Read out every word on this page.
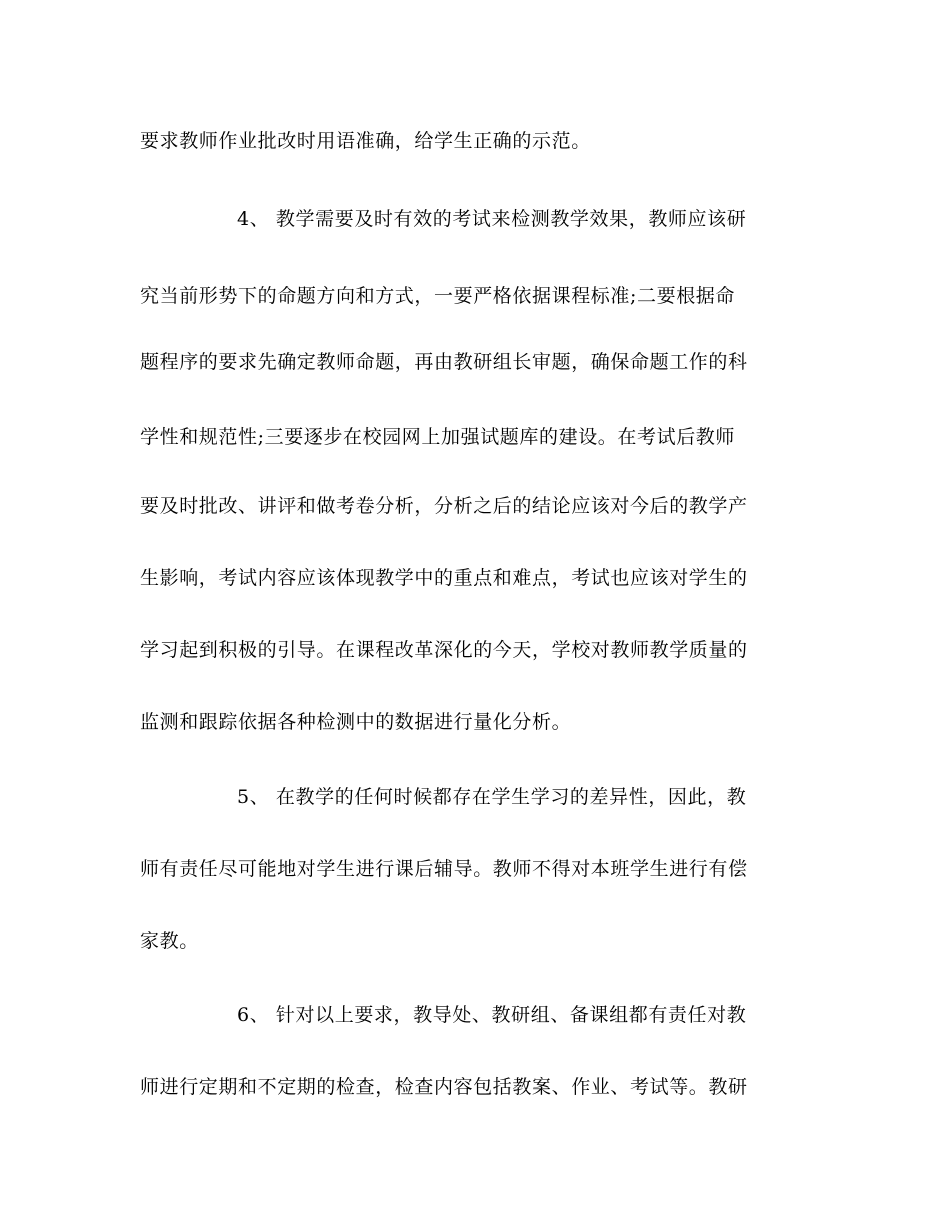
要求教师作业批改时用语准确，给学生正确的示范。

4、 教学需要及时有效的考试来检测教学效果，教师应该研

究当前形势下的命题方向和方式，一要严格依据课程标准;二要根据命

题程序的要求先确定教师命题，再由教研组长审题，确保命题工作的科

学性和规范性;三要逐步在校园网上加强试题库的建设。在考试后教师

要及时批改、讲评和做考卷分析，分析之后的结论应该对今后的教学产

生影响，考试内容应该体现教学中的重点和难点，考试也应该对学生的

学习起到积极的引导。在课程改革深化的今天，学校对教师教学质量的

监测和跟踪依据各种检测中的数据进行量化分析。

5、 在教学的任何时候都存在学生学习的差异性，因此，教

师有责任尽可能地对学生进行课后辅导。教师不得对本班学生进行有偿

家教。

6、 针对以上要求，教导处、教研组、备课组都有责任对教

师进行定期和不定期的检查，检查内容包括教案、作业、考试等。教研
